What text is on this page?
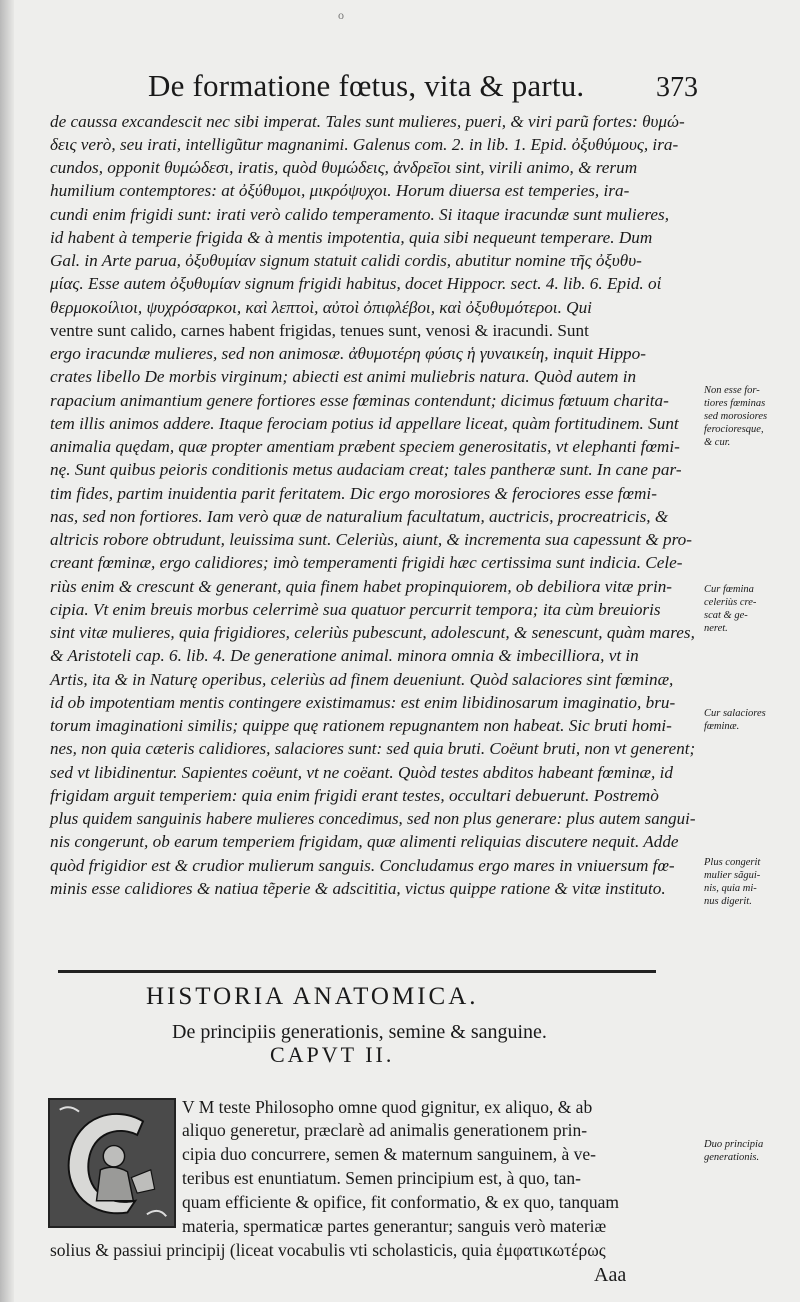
o
De formatione fœtus, vita & partu.	373
de caussa excandescit nec sibi imperat. Tales sunt mulieres, pueri, & viri parũ fortes: θυμώ-
δεις verò, seu irati, intelligũtur magnanimi. Galenus com. 2. in lib. 1. Epid. ὀξυθύμους, ira-
cundos, opponit θυμώδεσι, iratis, quòd θυμώδεις, ἀνδρεῖοι sint, virili animo, & rerum
humilium contemptores: at ὀξύθυμοι, μικρόψυχοι. Horum diuersa est temperies, ira-
cundi enim frigidi sunt: irati verò calido temperamento. Si itaque iracundæ sunt mulieres,
id habent à temperie frigida & à mentis impotentia, quia sibi nequeunt temperare. Dum
Gal. in Arte parua, ὀξυθυμίαν signum statuit calidi cordis, abutitur nomine τῆς ὀξυθυ-
μίας. Esse autem ὀξυθυμίαν signum frigidi habitus, docet Hippocr. sect. 4. lib. 6. Epid. οἱ
θερμοκοίλιοι, ψυχρόσαρκοι, καὶ λεπτοὶ, αὐτοὶ ὀπιφλέβοι, καὶ ὀξυθυμότεροι. Qui
ventre sunt calido, carnes habent frigidas, tenues sunt, venosi & iracundi. Sunt
ergo iracundæ mulieres, sed non animosæ. ἀθυμοτέρη φύσις ἡ γυναικείη, inquit Hippo-
crates libello De morbis virginum; abiecti est animi muliebris natura. Quòd autem in
rapacium animantium genere fortiores esse fœminas contendunt; dicimus fœtuum charita-
tem illis animos addere. Itaque ferociam potius id appellare liceat, quàm fortitudinem. Sunt
animalia quędam, quæ propter amentiam præbent speciem generositatis, vt elephanti fœmi-
nę. Sunt quibus peioris conditionis metus audaciam creat; tales pantheræ sunt. In cane par-
tim fides, partim inuidentia parit feritatem. Dic ergo morosiores & ferociores esse fœmi-
nas, sed non fortiores. Iam verò quæ de naturalium facultatum, auctricis, procreatricis, &
altricis robore obtrudunt, leuissima sunt. Celeriùs, aiunt, & incrementa sua capessunt & pro-
creant fœminæ, ergo calidiores; imò temperamenti frigidi hæc certissima sunt indicia. Cele-
riùs enim & crescunt & generant, quia finem habet propinquiorem, ob debiliora vitæ prin-
cipia. Vt enim breuis morbus celerrimè sua quatuor percurrit tempora; ita cùm breuioris
sint vitæ mulieres, quia frigidiores, celeriùs pubescunt, adolescunt, & senescunt, quàm mares,
& Aristoteli cap. 6. lib. 4. De generatione animal. minora omnia & imbecilliora, vt in
Artis, ita & in Naturę operibus, celeriùs ad finem deueniunt. Quòd salaciores sint fœminæ,
id ob impotentiam mentis contingere existimamus: est enim libidinosarum imaginatio, bru-
torum imaginationi similis; quippe quę rationem repugnantem non habeat. Sic bruti homi-
nes, non quia cæteris calidiores, salaciores sunt: sed quia bruti. Coëunt bruti, non vt generent;
sed vt libidinentur. Sapientes coëunt, vt ne coëant. Quòd testes abditos habeant fœminæ, id
frigidam arguit temperiem: quia enim frigidi erant testes, occultari debuerunt. Postremò
plus quidem sanguinis habere mulieres concedimus, sed non plus generare: plus autem sangui-
nis congerunt, ob earum temperiem frigidam, quæ alimenti reliquias discutere nequit. Adde
quòd frigidior est & crudior mulierum sanguis. Concludamus ergo mares in vniuersum fœ-
minis esse calidiores & natiua tẽperie & adscititia, victus quippe ratione & vitæ instituto.
Non esse for-
tiores fœminas
sed morosiores
ferocioresque,
& cur.
Cur fœmina
celeriùs cre-
scat & ge-
neret.
Cur salaciores
fœminæ.
Plus congerit
mulier sãgui-
nis, quia mi-
nus digerit.
Duo principia
generationis.
HISTORIA ANATOMICA.
De principiis generationis, semine & sanguine.
CAPVT II.
V M teste Philosopho omne quod gignitur, ex aliquo, & ab
aliquo generetur, præclarè ad animalis generationem prin-
cipia duo concurrere, semen & maternum sanguinem, à ve-
teribus est enuntiatum. Semen principium est, à quo, tan-
quam efficiente & opifice, fit conformatio, & ex quo, tanquam
materia, spermaticæ partes generantur; sanguis verò materiæ
solius & passiui principij (liceat vocabulis vti scholasticis, quia ἐμφατικωτέρως
Aaa
